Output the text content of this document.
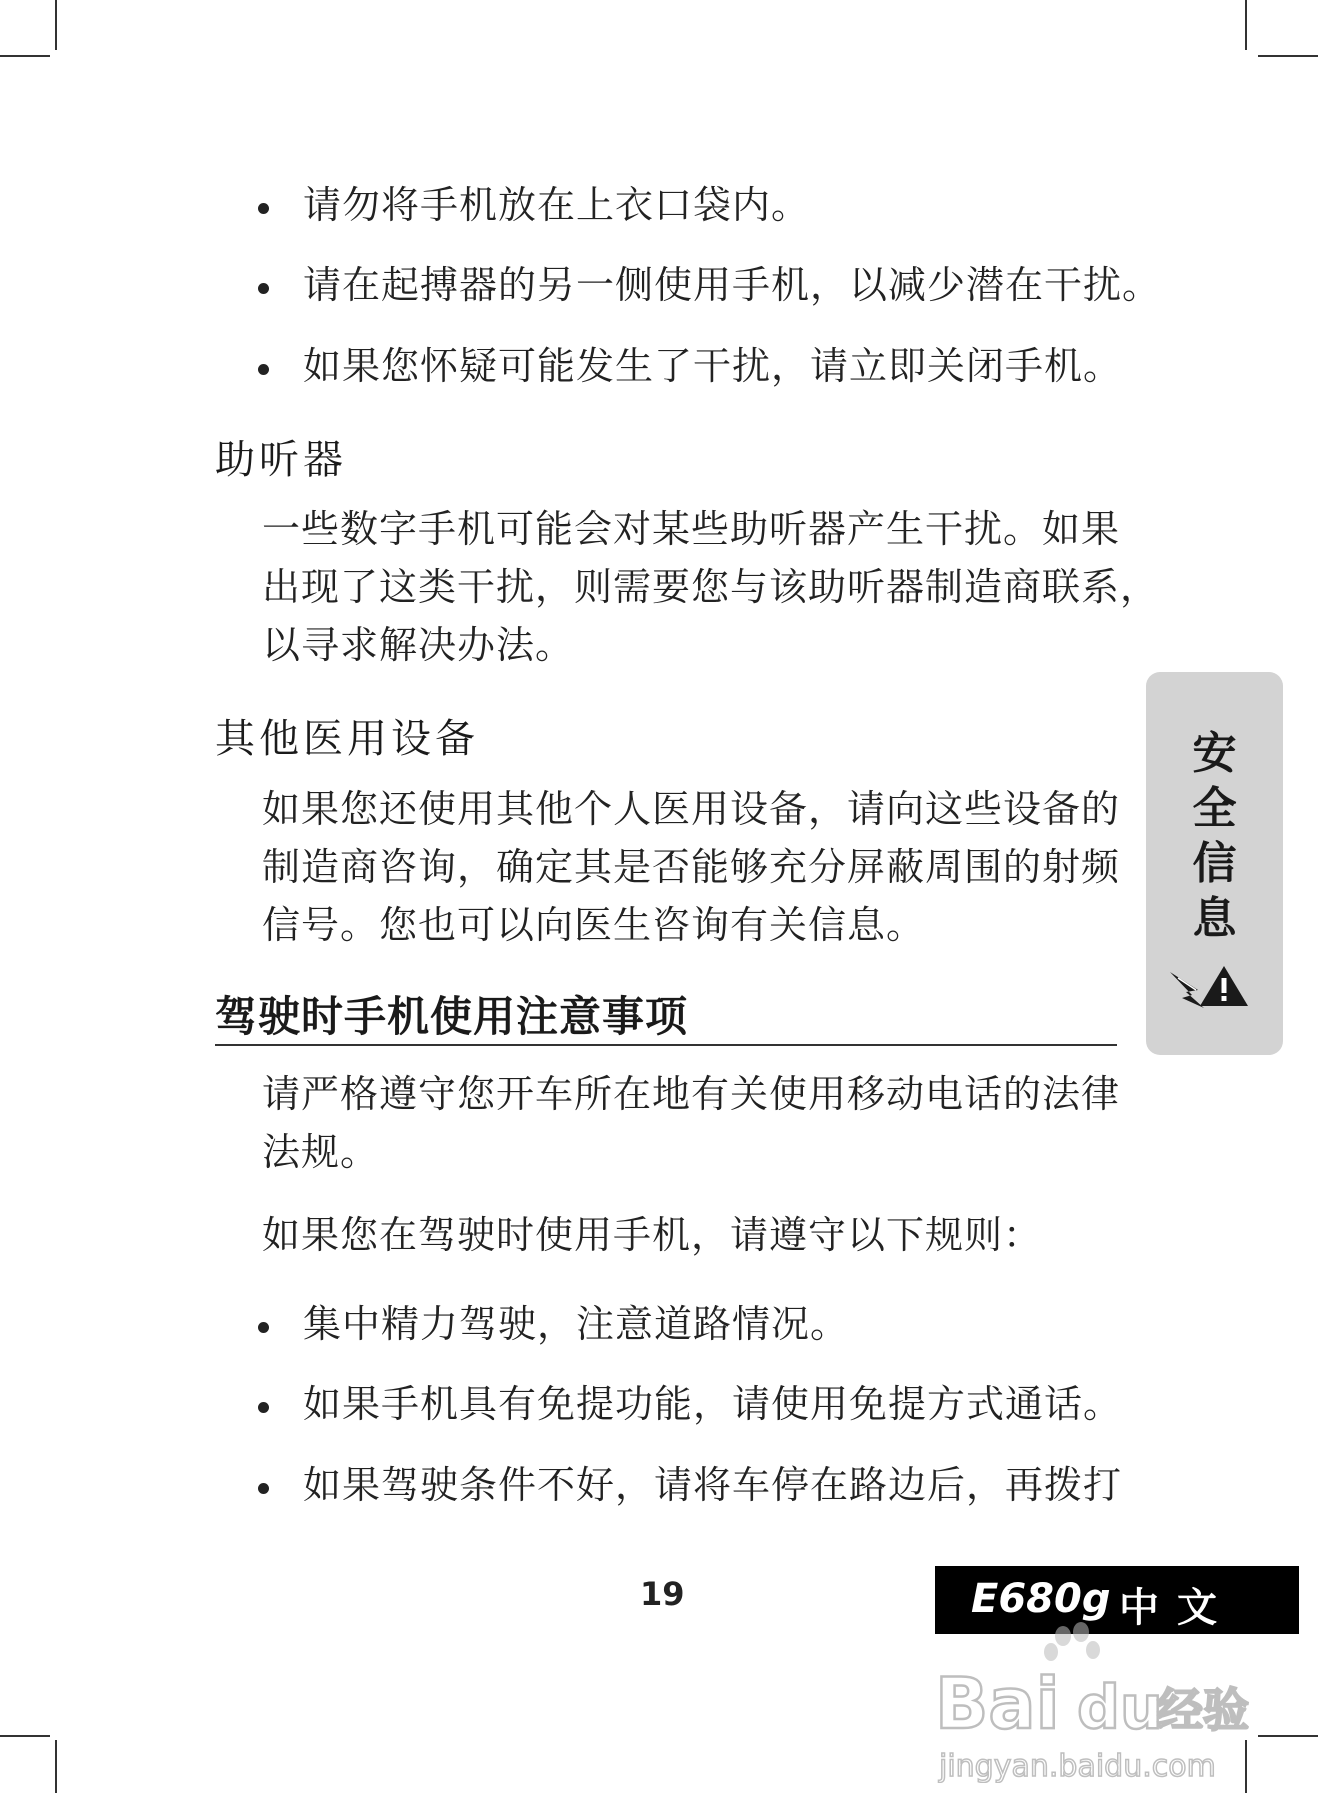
请勿将手机放在上衣口袋内。
请在起搏器的另一侧使用手机，以减少潜在干扰。
如果您怀疑可能发生了干扰，请立即关闭手机。
助听器
一些数字手机可能会对某些助听器产生干扰。如果
出现了这类干扰，则需要您与该助听器制造商联系，
以寻求解决办法。
其他医用设备
如果您还使用其他个人医用设备，请向这些设备的
制造商咨询，确定其是否能够充分屏蔽周围的射频
信号。您也可以向医生咨询有关信息。
驾驶时手机使用注意事项
请严格遵守您开车所在地有关使用移动电话的法律
法规。
如果您在驾驶时使用手机，请遵守以下规则：
集中精力驾驶，注意道路情况。
如果手机具有免提功能，请使用免提方式通话。
如果驾驶条件不好，请将车停在路边后，再拨打
安
全
信
息
19	E680g 中文
Bai du
经验
jingyan.baidu.com
